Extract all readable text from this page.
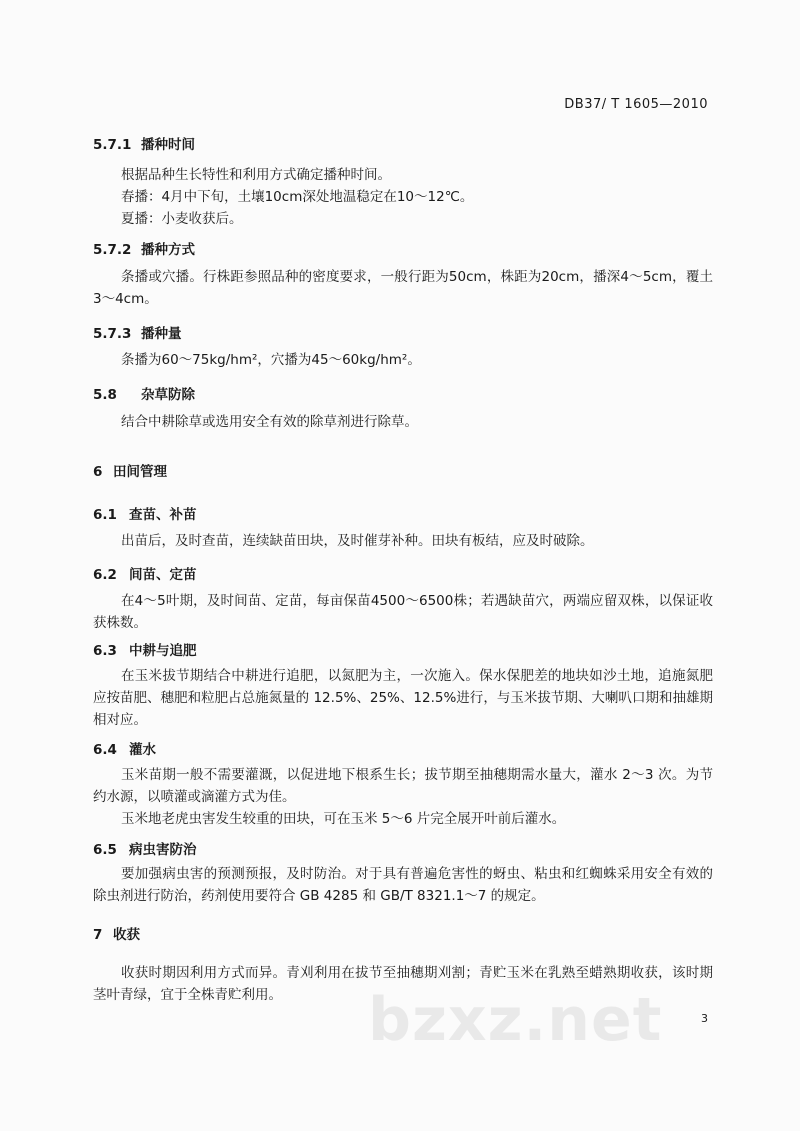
DB37/ T 1605—2010
5.7.1 播种时间
根据品种生长特性和利用方式确定播种时间。
春播：4月中下旬，土壤10cm深处地温稳定在10～12℃。
夏播：小麦收获后。
5.7.2 播种方式
条播或穴播。行株距参照品种的密度要求，一般行距为50cm，株距为20cm，播深4～5cm，覆土3～4cm。
5.7.3 播种量
条播为60～75kg/hm²，穴播为45～60kg/hm²。
5.8 杂草防除
结合中耕除草或选用安全有效的除草剂进行除草。
6 田间管理
6.1 查苗、补苗
出苗后，及时查苗，连续缺苗田块，及时催芽补种。田块有板结，应及时破除。
6.2 间苗、定苗
在4～5叶期，及时间苗、定苗，每亩保苗4500～6500株；若遇缺苗穴，两端应留双株，以保证收获株数。
6.3 中耕与追肥
在玉米拔节期结合中耕进行追肥，以氮肥为主，一次施入。保水保肥差的地块如沙土地，追施氮肥应按苗肥、穗肥和粒肥占总施氮量的 12.5%、25%、12.5%进行，与玉米拔节期、大喇叭口期和抽雄期相对应。
6.4 灌水
玉米苗期一般不需要灌溉，以促进地下根系生长；拔节期至抽穗期需水量大，灌水 2～3 次。为节约水源，以喷灌或滴灌方式为佳。
玉米地老虎虫害发生较重的田块，可在玉米 5～6 片完全展开叶前后灌水。
6.5 病虫害防治
要加强病虫害的预测预报，及时防治。对于具有普遍危害性的蚜虫、粘虫和红蜘蛛采用安全有效的除虫剂进行防治，药剂使用要符合 GB 4285 和 GB/T 8321.1～7 的规定。
7 收获
收获时期因利用方式而异。青刈利用在拔节至抽穗期刈割；青贮玉米在乳熟至蜡熟期收获，该时期茎叶青绿，宜于全株青贮利用。	bzxz.net	3
